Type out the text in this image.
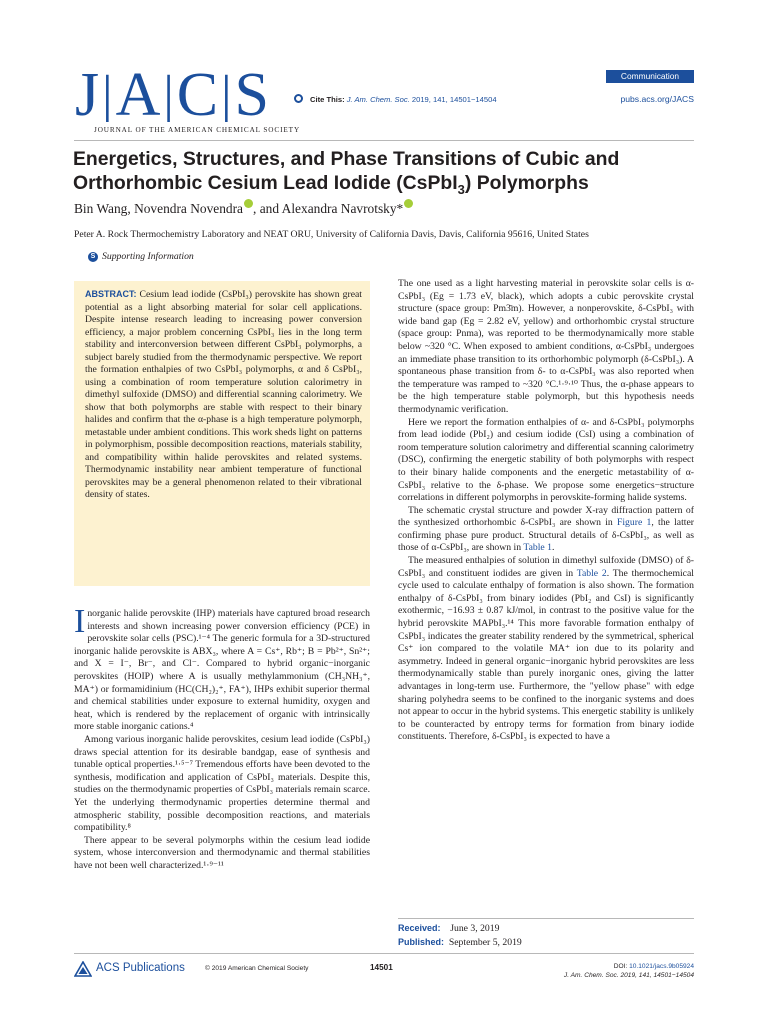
J|A|C|S
JOURNAL OF THE AMERICAN CHEMICAL SOCIETY
Cite This: J. Am. Chem. Soc. 2019, 141, 14501−14504
Communication
pubs.acs.org/JACS
Energetics, Structures, and Phase Transitions of Cubic and
Orthorhombic Cesium Lead Iodide (CsPbI$_3$) Polymorphs
Bin Wang, Novendra Novendra , and Alexandra Navrotsky*
Peter A. Rock Thermochemistry Laboratory and NEAT ORU, University of California Davis, Davis, California 95616, United States
S Supporting Information
ABSTRACT: Cesium lead iodide (CsPbI₃) perovskite has shown great potential as a light absorbing material for solar cell applications. Despite intense research leading to increasing power conversion efficiency, a major problem concerning CsPbI₃ lies in the long term stability and interconversion between different CsPbI₃ polymorphs, a subject barely studied from the thermodynamic perspective. We report the formation enthalpies of two CsPbI₃ polymorphs, α and δ CsPbI₃, using a combination of room temperature solution calorimetry in dimethyl sulfoxide (DMSO) and differential scanning calorimetry. We show that both polymorphs are stable with respect to their binary halides and confirm that the α-phase is a high temperature polymorph, metastable under ambient conditions. This work sheds light on patterns in polymorphism, possible decomposition reactions, materials stability, and compatibility within halide perovskites and related systems. Thermodynamic instability near ambient temperature of functional perovskites may be a general phenomenon related to their vibrational density of states.

Inorganic halide perovskite (IHP) materials have captured broad research interests and shown increasing power conversion efficiency (PCE) in perovskite solar cells (PSC).¹⁻⁴ The generic formula for a 3D-structured inorganic halide perovskite is ABX₃, where A = Cs⁺, Rb⁺; B = Pb²⁺, Sn²⁺; and X = I⁻, Br⁻, and Cl⁻. Compared to hybrid organic−inorganic perovskites (HOIP) where A is usually methylammonium (CH₃NH₃⁺, MA⁺) or formamidinium (HC(CH₂)₂⁺, FA⁺), IHPs exhibit superior thermal and chemical stabilities under exposure to external humidity, oxygen and heat, which is rendered by the replacement of organic with intrinsically more stable inorganic cations.⁴

Among various inorganic halide perovskites, cesium lead iodide (CsPbI₃) draws special attention for its desirable bandgap, ease of synthesis and tunable optical properties.¹·⁵⁻⁷ Tremendous efforts have been devoted to the synthesis, modification and application of CsPbI₃ materials. Despite this, studies on the thermodynamic properties of CsPbI₃ materials remain scarce. Yet the underlying thermodynamic properties determine thermal and atmospheric stability, possible decomposition reactions, and materials compatibility.⁸

There appear to be several polymorphs within the cesium lead iodide system, whose interconversion and thermodynamic and thermal stabilities have not been well characterized.¹·⁹⁻¹¹

The one used as a light harvesting material in perovskite solar cells is α-CsPbI₃ (Eg = 1.73 eV, black), which adopts a cubic perovskite crystal structure (space group: Pm3̄m). However, a nonperovskite, δ-CsPbI₃ with wide band gap (Eg = 2.82 eV, yellow) and orthorhombic crystal structure (space group: Pnma), was reported to be thermodynamically more stable below ~320 °C. When exposed to ambient conditions, α-CsPbI₃ undergoes an immediate phase transition to its orthorhombic polymorph (δ-CsPbI₃). A spontaneous phase transition from δ- to α-CsPbI₃ was also reported when the temperature was ramped to ~320 °C.¹·⁹·¹⁰ Thus, the α-phase appears to be the high temperature stable polymorph, but this hypothesis needs thermodynamic verification.

Here we report the formation enthalpies of α- and δ-CsPbI₃ polymorphs from lead iodide (PbI₂) and cesium iodide (CsI) using a combination of room temperature solution calorimetry and differential scanning calorimetry (DSC), confirming the energetic stability of both polymorphs with respect to their binary halide components and the energetic metastability of α-CsPbI₃ relative to the δ-phase. We propose some energetics−structure correlations in different polymorphs in perovskite-forming halide systems.

The schematic crystal structure and powder X-ray diffraction pattern of the synthesized orthorhombic δ-CsPbI₃ are shown in Figure 1, the latter confirming phase pure product. Structural details of δ-CsPbI₃, as well as those of α-CsPbI₃, are shown in Table 1.

The measured enthalpies of solution in dimethyl sulfoxide (DMSO) of δ-CsPbI₃ and constituent iodides are given in Table 2. The thermochemical cycle used to calculate enthalpy of formation is also shown. The formation enthalpy of δ-CsPbI₃ from binary iodides (PbI₂ and CsI) is significantly exothermic, −16.93 ± 0.87 kJ/mol, in contrast to the positive value for the hybrid perovskite MAPbI₃.¹⁴ This more favorable formation enthalpy of CsPbI₃ indicates the greater stability rendered by the symmetrical, spherical Cs⁺ ion compared to the volatile MA⁺ ion due to its polarity and asymmetry. Indeed in general organic−inorganic hybrid perovskites are less thermodynamically stable than purely inorganic ones, giving the latter advantages in long-term use. Furthermore, the "yellow phase" with edge sharing polyhedra seems to be confined to the inorganic systems and does not appear to occur in the hybrid systems. This energetic stability is unlikely to be counteracted by entropy terms for formation from binary iodide constituents. Therefore, δ-CsPbI₃ is expected to have a

Received: June 3, 2019
Published: September 5, 2019
ACS Publications	© 2019 American Chemical Society	14501	DOI: 10.1021/jacs.9b05924
J. Am. Chem. Soc. 2019, 141, 14501−14504
